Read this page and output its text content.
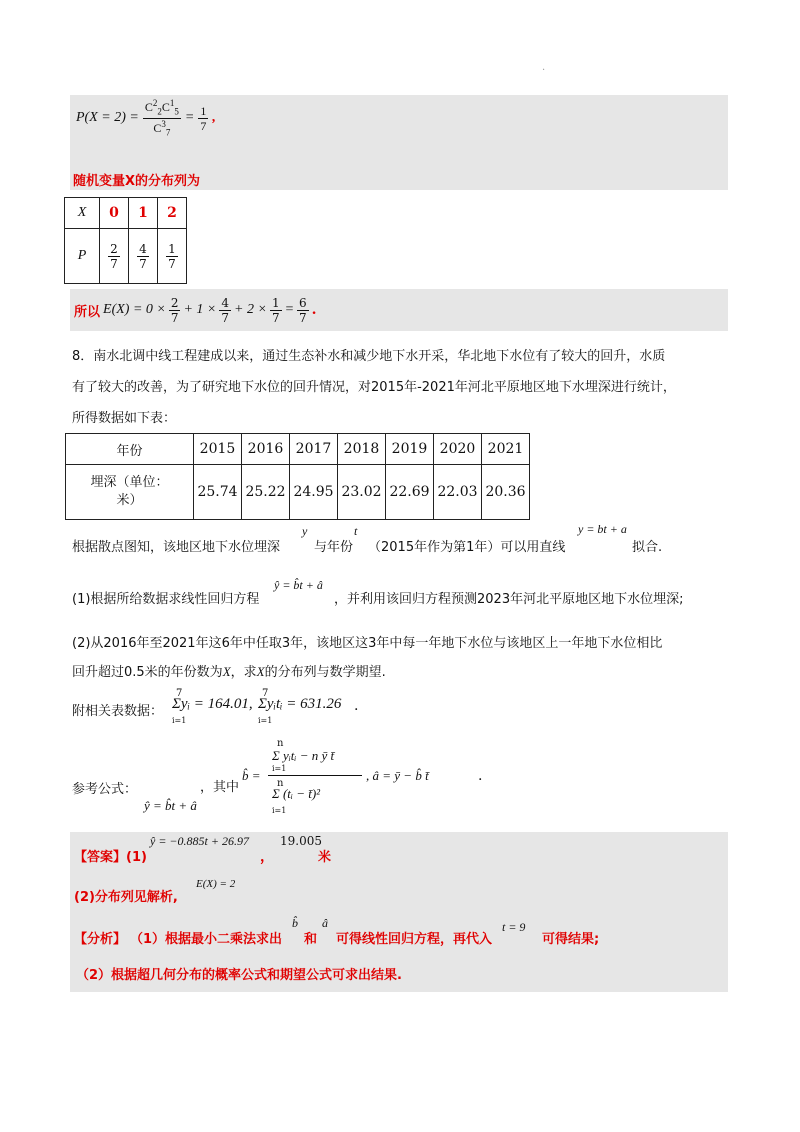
.
$P(X = 2) = \frac{C^2_2C^1_5}{C^3_7} = \frac{1}{7}$ ,
随机变量X的分布列为
X	0	1	2
P	$\frac{2}{7}$	$\frac{4}{7}$	$\frac{1}{7}$
所以 $E(X) = 0 \times \frac{2}{7} + 1 \times \frac{4}{7} + 2 \times \frac{1}{7} = \frac{6}{7}$ .
8．南水北调中线工程建成以来，通过生态补水和减少地下水开采，华北地下水位有了较大的回升，水质
有了较大的改善，为了研究地下水位的回升情况，对2015年-2021年河北平原地区地下水埋深进行统计，
所得数据如下表：
年份	2015	2016	2017	2018	2019	2020	2021

埋深（单位：
米）	25.74	25.22	24.95	23.02	22.69	22.03	20.36
根据散点图知，该地区地下水位埋深
y
与年份
t
（2015年作为第1年）可以用直线
y = bt + a
拟合.
(1)根据所给数据求线性回归方程
ŷ = b̂t + â
，并利用该回归方程预测2023年河北平原地区地下水位埋深;
(2)从2016年至2021年这6年中任取3年，该地区这3年中每一年地下水位与该地区上一年地下水位相比
回升超过0.5米的年份数为X，求X的分布列与数学期望.
附相关表数据：
7
i=1
Σyᵢ = 164.01,
7
i=1
Σyᵢtᵢ = 631.26 .
参考公式：
ŷ = b̂t + â
，其中
b̂ =
n
Σ yᵢtᵢ − n ȳ t̄
i=1
n
Σ (tᵢ − t̄)²
i=1
, â = ȳ − b̂ t̄	.
【答案】(1)
ŷ = −0.885t + 26.97
，
19.005
米
(2)分布列见解析,
E(X) = 2
【分析】 （1）根据最小二乘法求出
b̂
和
â
可得线性回归方程，再代入
t = 9
可得结果;
（2）根据超几何分布的概率公式和期望公式可求出结果.
